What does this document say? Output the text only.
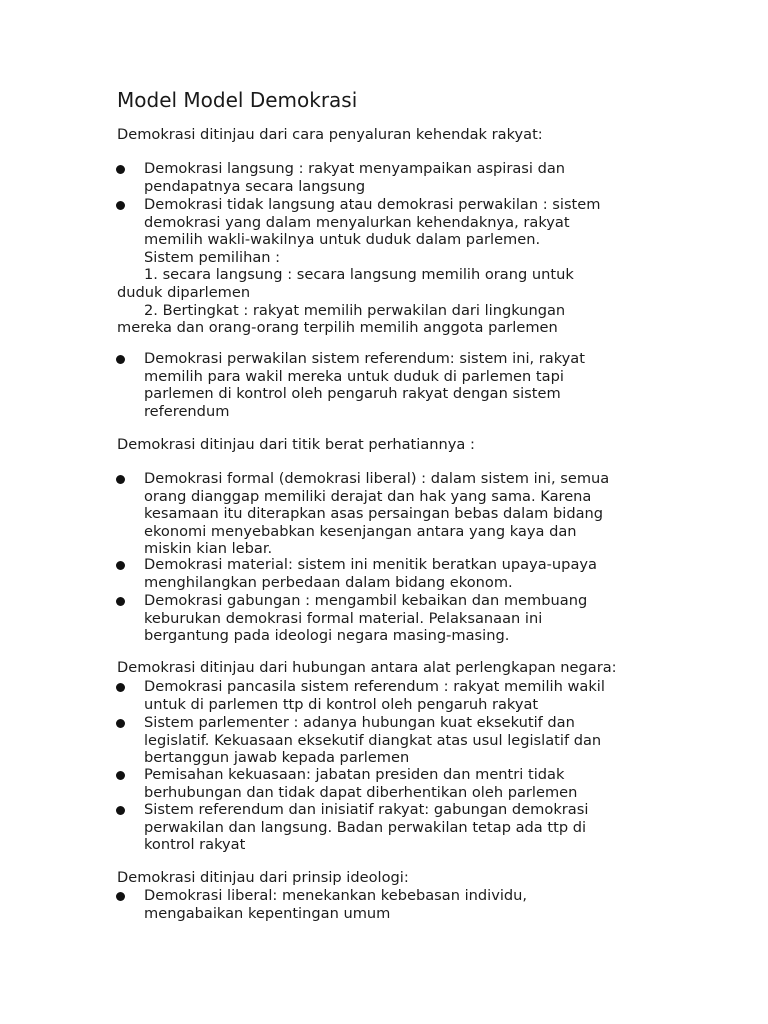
Model Model Demokrasi
Demokrasi ditinjau dari cara penyaluran kehendak rakyat:
Demokrasi langsung : rakyat menyampaikan aspirasi dan
pendapatnya secara langsung
Demokrasi tidak langsung atau demokrasi perwakilan : sistem
demokrasi yang dalam menyalurkan kehendaknya, rakyat
memilih wakli-wakilnya untuk duduk dalam parlemen.
Sistem pemilihan :
1. secara langsung : secara langsung memilih orang untuk
duduk diparlemen
2. Bertingkat : rakyat memilih perwakilan dari lingkungan
mereka dan orang-orang terpilih memilih anggota parlemen
Demokrasi perwakilan sistem referendum: sistem ini, rakyat
memilih para wakil mereka untuk duduk di parlemen tapi
parlemen di kontrol oleh pengaruh rakyat dengan sistem
referendum
Demokrasi ditinjau dari titik berat perhatiannya :
Demokrasi formal (demokrasi liberal) : dalam sistem ini, semua
orang dianggap memiliki derajat dan hak yang sama. Karena
kesamaan itu diterapkan asas persaingan bebas dalam bidang
ekonomi menyebabkan kesenjangan antara yang kaya dan
miskin kian lebar.
Demokrasi material: sistem ini menitik beratkan upaya-upaya
menghilangkan perbedaan dalam bidang ekonom.
Demokrasi gabungan : mengambil kebaikan dan membuang
keburukan demokrasi formal material. Pelaksanaan ini
bergantung pada ideologi negara masing-masing.
Demokrasi ditinjau dari hubungan antara alat perlengkapan negara:
Demokrasi pancasila sistem referendum : rakyat memilih wakil
untuk di parlemen ttp di kontrol oleh pengaruh rakyat
Sistem parlementer : adanya hubungan kuat eksekutif dan
legislatif. Kekuasaan eksekutif diangkat atas usul legislatif dan
bertanggun jawab kepada parlemen
Pemisahan kekuasaan: jabatan presiden dan mentri tidak
berhubungan dan tidak dapat diberhentikan oleh parlemen
Sistem referendum dan inisiatif rakyat: gabungan demokrasi
perwakilan dan langsung. Badan perwakilan tetap ada ttp di
kontrol rakyat
Demokrasi ditinjau dari prinsip ideologi:
Demokrasi liberal: menekankan kebebasan individu,
mengabaikan kepentingan umum
